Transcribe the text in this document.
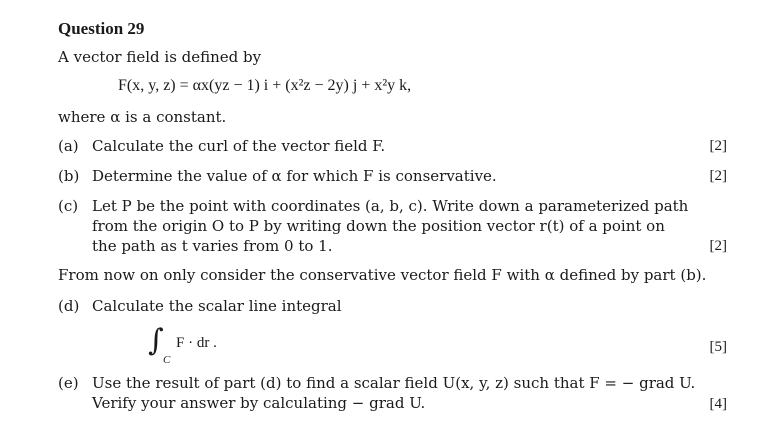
Question 29
A vector field is defined by
F(x, y, z) = αx(yz − 1) i + (x²z − 2y) j + x²y k,
where α is a constant.
(a) Calculate the curl of the vector field F.	[2]
(b) Determine the value of α for which F is conservative.	[2]
(c) Let P be the point with coordinates (a, b, c). Write down a parameterized path
from the origin O to P by writing down the position vector r(t) of a point on
the path as t varies from 0 to 1.	[2]
From now on only consider the conservative vector field F with α defined by part (b).
(d) Calculate the scalar line integral
∫
C
F · dr .	[5]
(e) Use the result of part (d) to find a scalar field U(x, y, z) such that F = − grad U.
Verify your answer by calculating − grad U.	[4]
